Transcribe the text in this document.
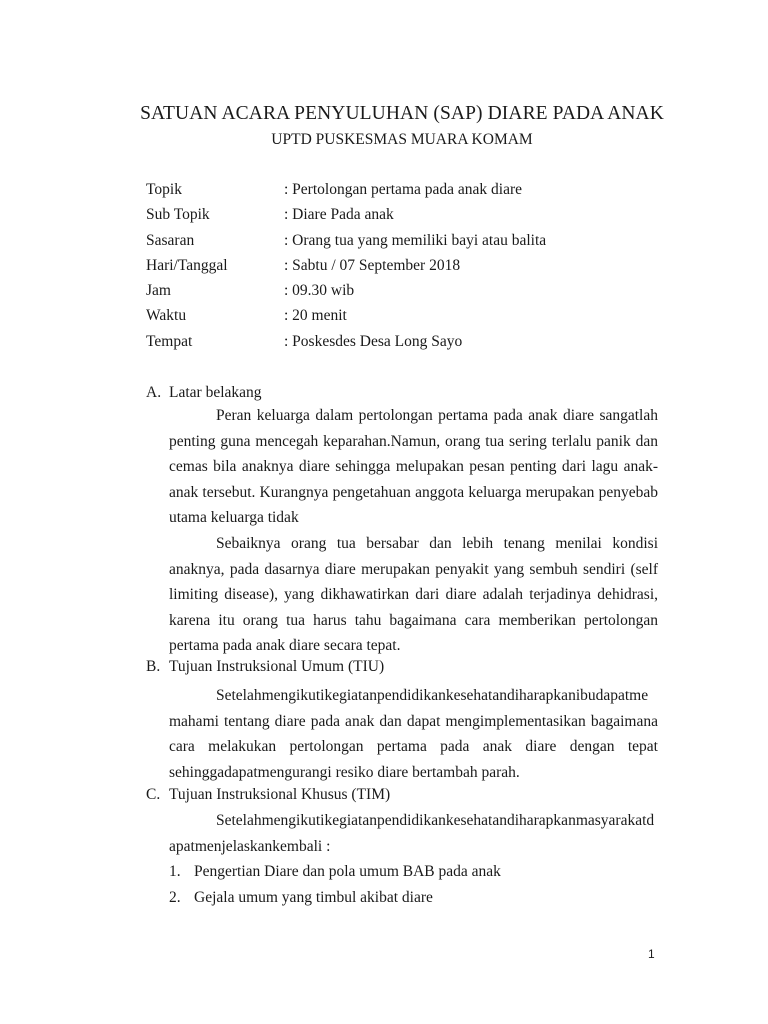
SATUAN ACARA PENYULUHAN (SAP) DIARE PADA ANAK
UPTD PUSKESMAS MUARA KOMAM
Topik	: Pertolongan pertama pada anak diare
Sub Topik	: Diare Pada anak
Sasaran	: Orang tua yang memiliki bayi atau balita
Hari/Tanggal	: Sabtu / 07 September 2018
Jam	: 09.30 wib
Waktu	: 20 menit
Tempat	: Poskesdes Desa Long Sayo
A. Latar belakang
Peran keluarga dalam pertolongan pertama pada anak diare sangatlah
penting guna mencegah keparahan.Namun, orang tua sering terlalu panik dan
cemas bila anaknya diare sehingga melupakan pesan penting dari lagu anak-
anak tersebut. Kurangnya pengetahuan anggota keluarga merupakan penyebab
utama keluarga tidak
Sebaiknya orang tua bersabar dan lebih tenang menilai kondisi
anaknya, pada dasarnya diare merupakan penyakit yang sembuh sendiri (self
limiting disease), yang dikhawatirkan dari diare adalah terjadinya dehidrasi,
karena itu orang tua harus tahu bagaimana cara memberikan pertolongan
pertama pada anak diare secara tepat.
B. Tujuan Instruksional Umum (TIU)
Setelahmengikutikegiatanpendidikankesehatandiharapkanibudapatme
mahami tentang diare pada anak dan dapat mengimplementasikan bagaimana
cara melakukan pertolongan pertama pada anak diare dengan tepat
sehinggadapatmengurangi resiko diare bertambah parah.
C. Tujuan Instruksional Khusus (TIM)
Setelahmengikutikegiatanpendidikankesehatandiharapkanmasyarakatd
apatmenjelaskankembali :
1. Pengertian Diare dan pola umum BAB pada anak
2. Gejala umum yang timbul akibat diare
1
